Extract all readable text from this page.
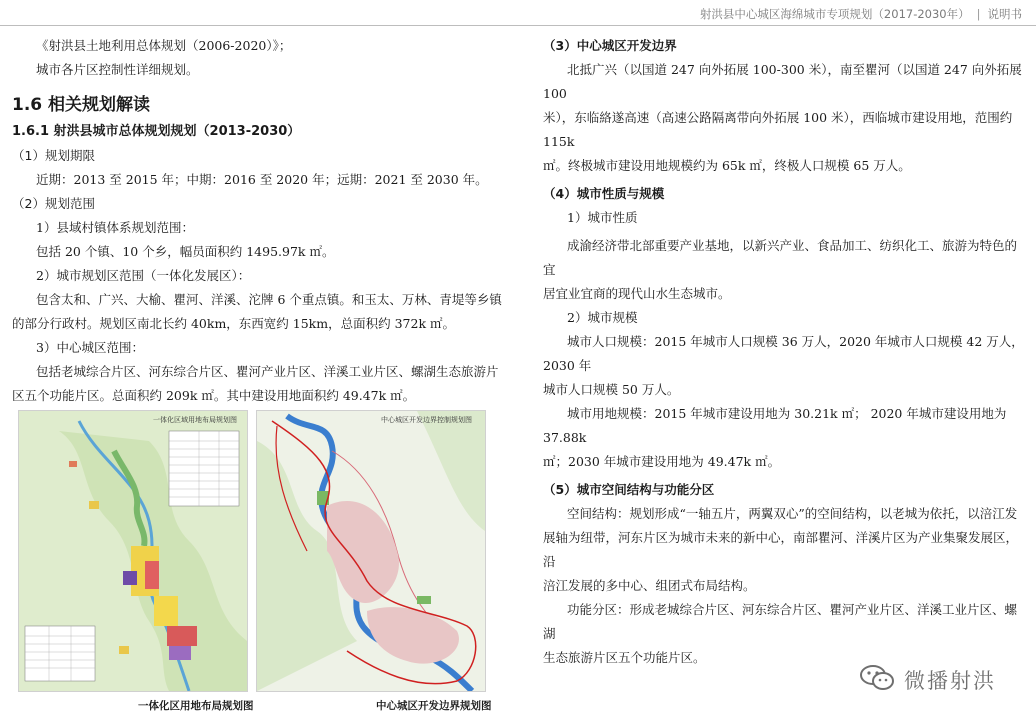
射洪县中心城区海绵城市专项规划（2017-2030年） | 说明书

《射洪县土地利用总体规划（2006-2020）》；

城市各片区控制性详细规划。

1.6 相关规划解读

1.6.1 射洪县城市总体规划规划（2013-2030）

（1）规划期限

近期：2013 至 2015 年；中期：2016 至 2020 年；远期：2021 至 2030 年。

（2）规划范围

1）县域村镇体系规划范围：

包括 20 个镇、10 个乡，幅员面积约 1495.97k ㎡。

2）城市规划区范围（一体化发展区）：

包含太和、广兴、大榆、瞿河、洋溪、沱牌 6 个重点镇。和玉太、万林、青堤等乡镇

的部分行政村。规划区南北长约 40km，东西宽约 15km，总面积约 372k ㎡。

3）中心城区范围：

包括老城综合片区、河东综合片区、瞿河产业片区、洋溪工业片区、螺湖生态旅游片

区五个功能片区。总面积约 209k ㎡。其中建设用地面积约 49.47k ㎡。

一体化区域用地布局规划图	中心城区开发边界控制规划图
一体化区用地布局规划图	中心城区开发边界规划图

（3）中心城区开发边界

北抵广兴（以国道 247 向外拓展 100-300 米），南至瞿河（以国道 247 向外拓展 100

米），东临絡遂高速（高速公路隔离带向外拓展 100 米），西临城市建设用地，范围约 115k

㎡。终极城市建设用地规模约为 65k ㎡，终极人口规模 65 万人。

（4）城市性质与规模

1）城市性质

成渝经济带北部重要产业基地，以新兴产业、食品加工、纺织化工、旅游为特色的宜

居宜业宜商的现代山水生态城市。

2）城市规模

城市人口规模：2015 年城市人口规模 36 万人，2020 年城市人口规模 42 万人，2030 年

城市人口规模 50 万人。

城市用地规模：2015 年城市建设用地为 30.21k ㎡； 2020 年城市建设用地为 37.88k

㎡；2030 年城市建设用地为 49.47k ㎡。

（5）城市空间结构与功能分区

空间结构：规划形成“一轴五片，两翼双心”的空间结构，以老城为依托，以涪江发

展轴为纽带，河东片区为城市未来的新中心，南部瞿河、洋溪片区为产业集聚发展区，沿

涪江发展的多中心、组团式布局结构。

功能分区：形成老城综合片区、河东综合片区、瞿河产业片区、洋溪工业片区、螺湖

生态旅游片区五个功能片区。

微播射洪
